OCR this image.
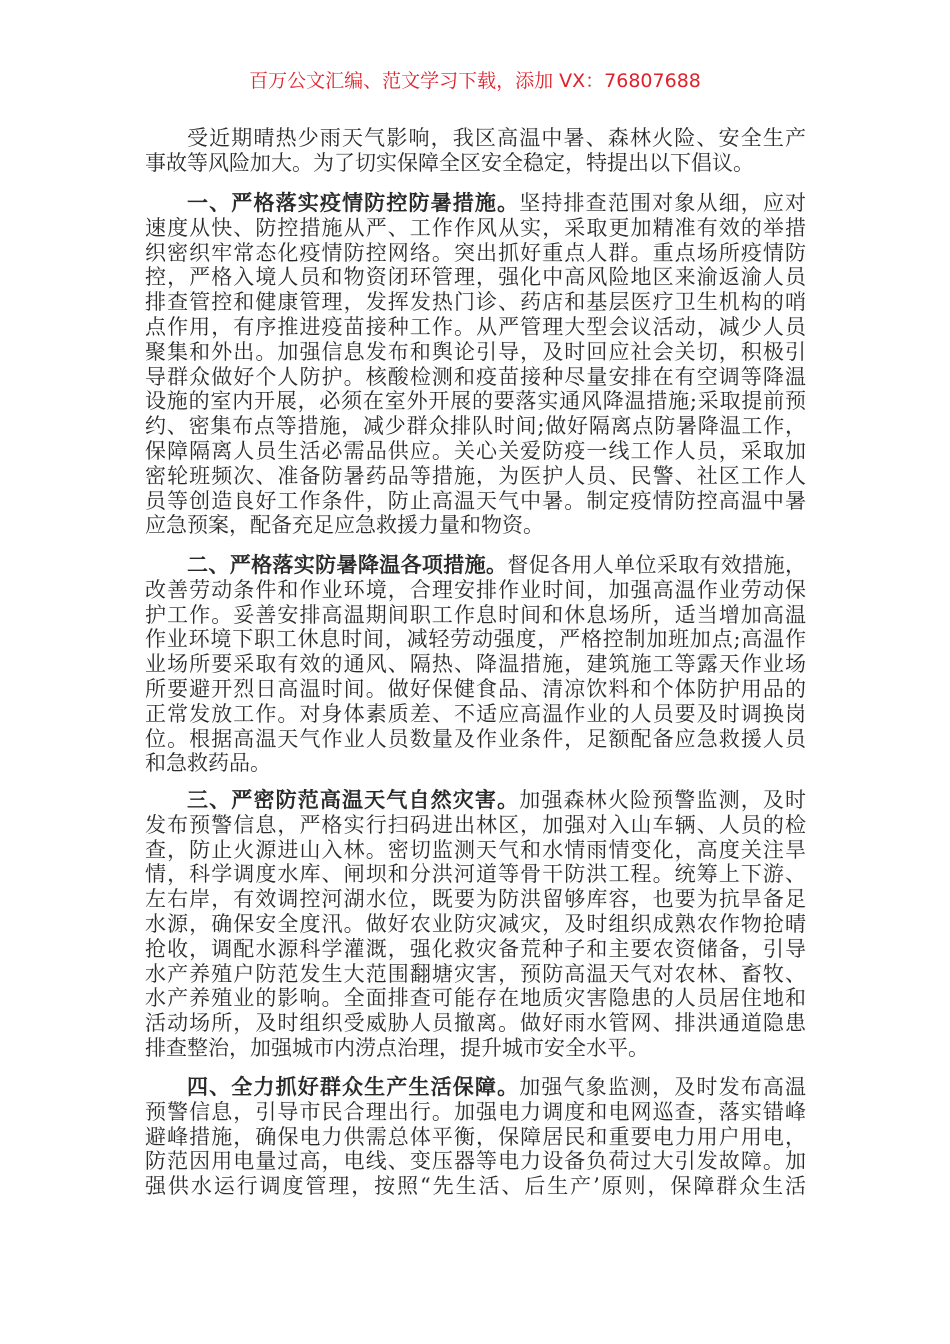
百万公文汇编、范文学习下载，添加 VX：76807688
受近期晴热少雨天气影响，我区高温中暑、森林火险、安全生产
事故等风险加大。为了切实保障全区安全稳定，特提出以下倡议。
一、严格落实疫情防控防暑措施。坚持排查范围对象从细，应对
速度从快、防控措施从严、工作作风从实，采取更加精准有效的举措
织密织牢常态化疫情防控网络。突出抓好重点人群。重点场所疫情防
控，严格入境人员和物资闭环管理，强化中高风险地区来渝返渝人员
排查管控和健康管理，发挥发热门诊、药店和基层医疗卫生机构的哨
点作用，有序推进疫苗接种工作。从严管理大型会议活动，减少人员
聚集和外出。加强信息发布和舆论引导，及时回应社会关切，积极引
导群众做好个人防护。核酸检测和疫苗接种尽量安排在有空调等降温
设施的室内开展，必须在室外开展的要落实通风降温措施;采取提前预
约、密集布点等措施，减少群众排队时间;做好隔离点防暑降温工作，
保障隔离人员生活必需品供应。关心关爱防疫一线工作人员，采取加
密轮班频次、准备防暑药品等措施，为医护人员、民警、社区工作人
员等创造良好工作条件，防止高温天气中暑。制定疫情防控高温中暑
应急预案，配备充足应急救援力量和物资。
二、严格落实防暑降温各项措施。督促各用人单位采取有效措施，
改善劳动条件和作业环境，合理安排作业时间，加强高温作业劳动保
护工作。妥善安排高温期间职工作息时间和休息场所，适当增加高温
作业环境下职工休息时间，减轻劳动强度，严格控制加班加点;高温作
业场所要采取有效的通风、隔热、降温措施，建筑施工等露天作业场
所要避开烈日高温时间。做好保健食品、清凉饮料和个体防护用品的
正常发放工作。对身体素质差、不适应高温作业的人员要及时调换岗
位。根据高温天气作业人员数量及作业条件，足额配备应急救援人员
和急救药品。
三、严密防范高温天气自然灾害。加强森林火险预警监测，及时
发布预警信息，严格实行扫码进出林区，加强对入山车辆、人员的检
查，防止火源进山入林。密切监测天气和水情雨情变化，高度关注旱
情，科学调度水库、闸坝和分洪河道等骨干防洪工程。统筹上下游、
左右岸，有效调控河湖水位，既要为防洪留够库容，也要为抗旱备足
水源，确保安全度汛。做好农业防灾减灾，及时组织成熟农作物抢晴
抢收，调配水源科学灌溉，强化救灾备荒种子和主要农资储备，引导
水产养殖户防范发生大范围翻塘灾害，预防高温天气对农林、畜牧、
水产养殖业的影响。全面排查可能存在地质灾害隐患的人员居住地和
活动场所，及时组织受威胁人员撤离。做好雨水管网、排洪通道隐患
排查整治，加强城市内涝点治理，提升城市安全水平。
四、全力抓好群众生产生活保障。加强气象监测，及时发布高温
预警信息，引导市民合理出行。加强电力调度和电网巡查，落实错峰
避峰措施，确保电力供需总体平衡，保障居民和重要电力用户用电，
防范因用电量过高，电线、变压器等电力设备负荷过大引发故障。加
强供水运行调度管理，按照“先生活、后生产’原则，保障群众生活
